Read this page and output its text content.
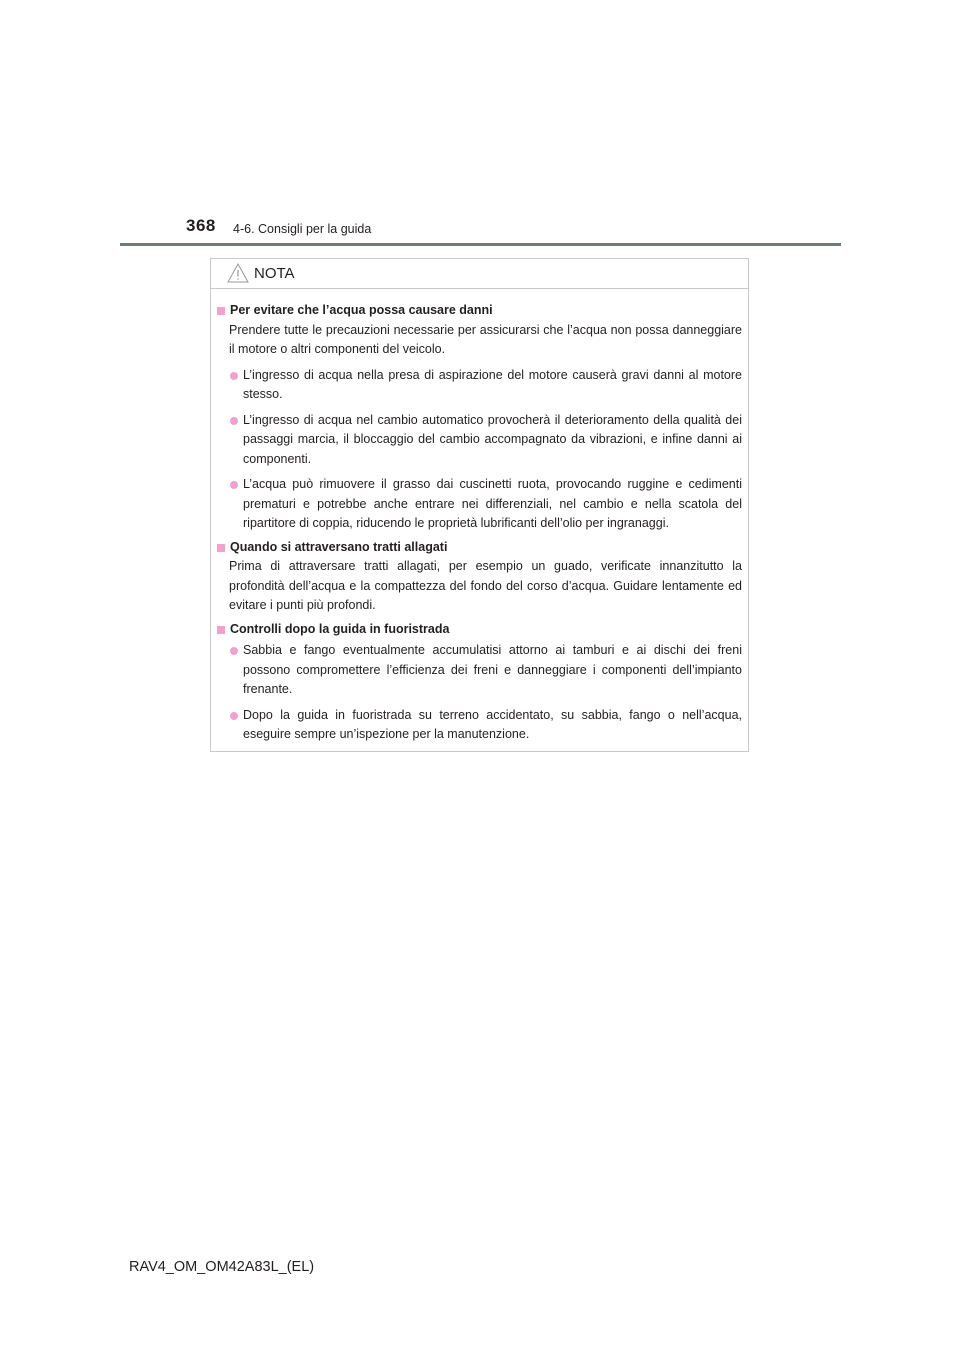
368 4-6. Consigli per la guida
NOTA
Per evitare che l’acqua possa causare danni
Prendere tutte le precauzioni necessarie per assicurarsi che l’acqua non possa danneggiare il motore o altri componenti del veicolo.
L’ingresso di acqua nella presa di aspirazione del motore causerà gravi danni al motore stesso.
L’ingresso di acqua nel cambio automatico provocherà il deterioramento della qualità dei passaggi marcia, il bloccaggio del cambio accompagnato da vibrazioni, e infine danni ai componenti.
L’acqua può rimuovere il grasso dai cuscinetti ruota, provocando ruggine e cedimenti prematuri e potrebbe anche entrare nei differenziali, nel cambio e nella scatola del ripartitore di coppia, riducendo le proprietà lubrificanti dell’olio per ingranaggi.
Quando si attraversano tratti allagati
Prima di attraversare tratti allagati, per esempio un guado, verificate innanzitutto la profondità dell’acqua e la compattezza del fondo del corso d’acqua. Guidare lentamente ed evitare i punti più profondi.
Controlli dopo la guida in fuoristrada
Sabbia e fango eventualmente accumulatisi attorno ai tamburi e ai dischi dei freni possono compromettere l’efficienza dei freni e danneggiare i componenti dell’impianto frenante.
Dopo la guida in fuoristrada su terreno accidentato, su sabbia, fango o nell’acqua, eseguire sempre un’ispezione per la manutenzione.
RAV4_OM_OM42A83L_(EL)
